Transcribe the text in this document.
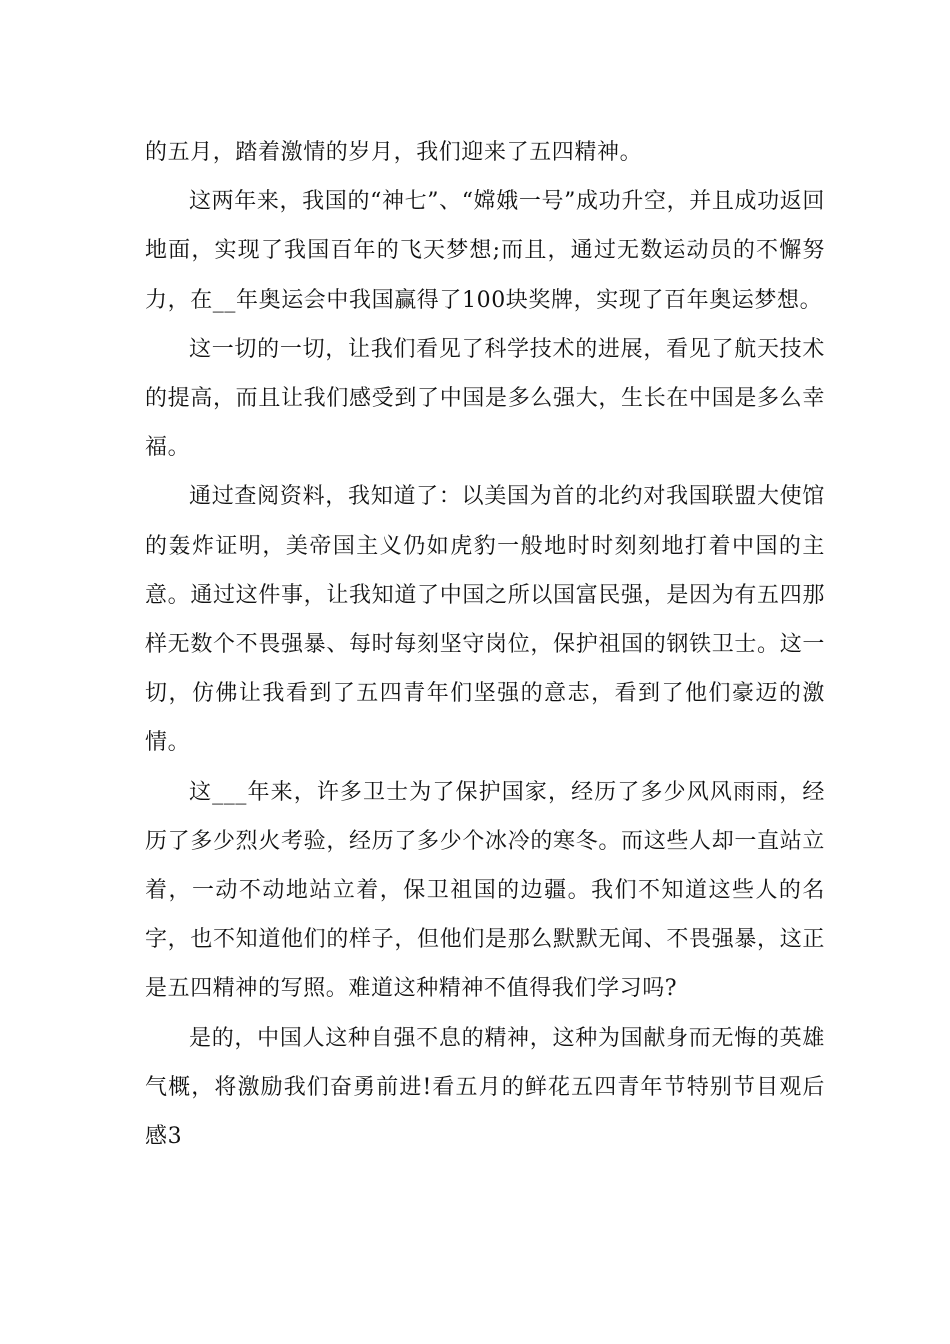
的五月，踏着激情的岁月，我们迎来了五四精神。

这两年来，我国的“神七”、“嫦娥一号”成功升空，并且成功返回地面，实现了我国百年的飞天梦想;而且，通过无数运动员的不懈努力，在__年奥运会中我国赢得了100块奖牌，实现了百年奥运梦想。

这一切的一切，让我们看见了科学技术的进展，看见了航天技术的提高，而且让我们感受到了中国是多么强大，生长在中国是多么幸福。

通过查阅资料，我知道了：以美国为首的北约对我国联盟大使馆的轰炸证明，美帝国主义仍如虎豹一般地时时刻刻地打着中国的主意。通过这件事，让我知道了中国之所以国富民强，是因为有五四那样无数个不畏强暴、每时每刻坚守岗位，保护祖国的钢铁卫士。这一切，仿佛让我看到了五四青年们坚强的意志，看到了他们豪迈的激情。

这___年来，许多卫士为了保护国家，经历了多少风风雨雨，经历了多少烈火考验，经历了多少个冰冷的寒冬。而这些人却一直站立着，一动不动地站立着，保卫祖国的边疆。我们不知道这些人的名字，也不知道他们的样子，但他们是那么默默无闻、不畏强暴，这正是五四精神的写照。难道这种精神不值得我们学习吗?

是的，中国人这种自强不息的精神，这种为国献身而无悔的英雄气概，将激励我们奋勇前进!看五月的鲜花五四青年节特别节目观后感3
